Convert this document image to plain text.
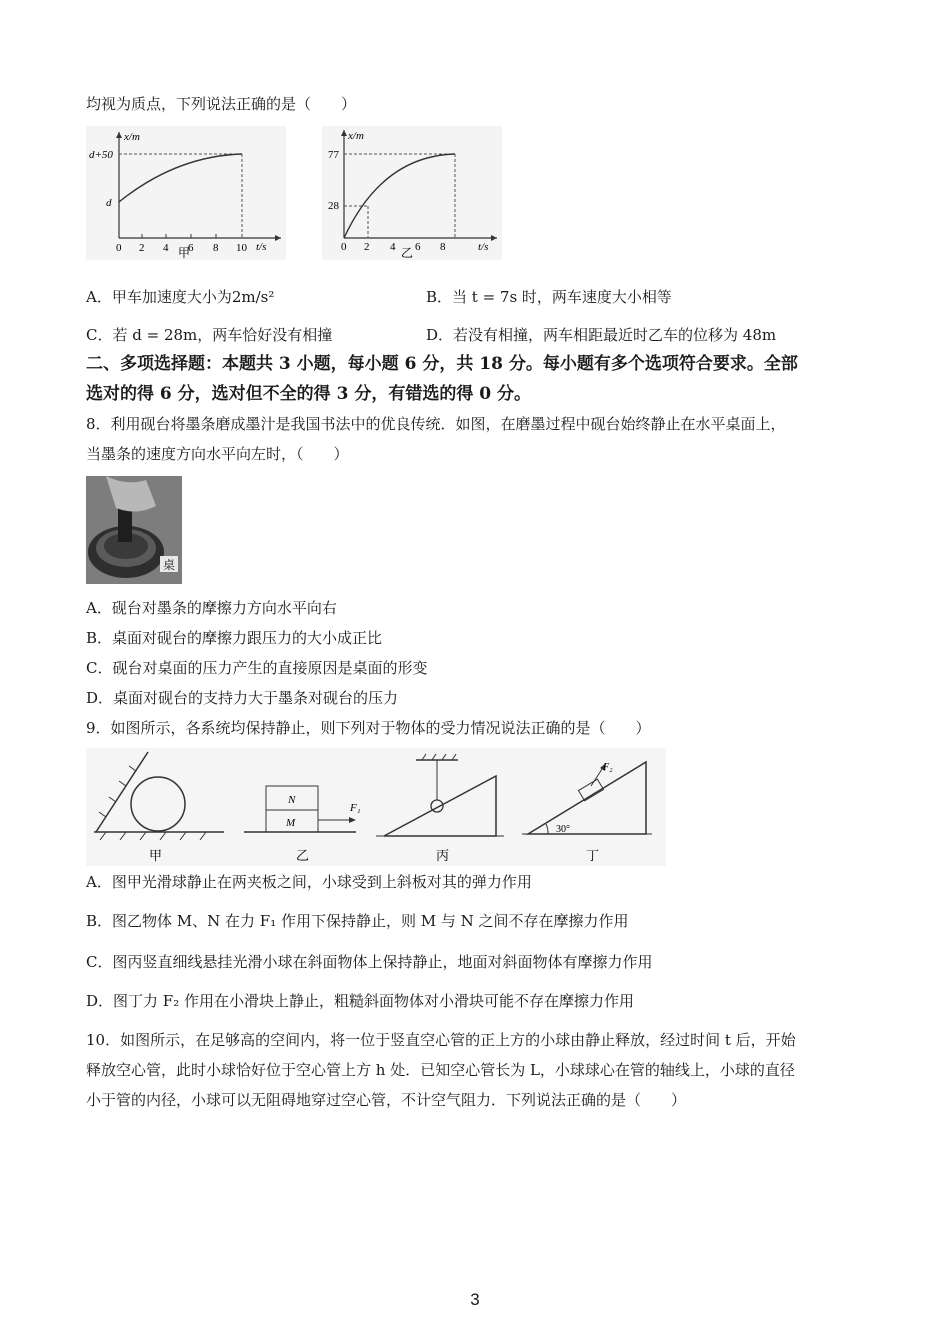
均视为质点，下列说法正确的是（　　）
x/m
d+50
d
0 2 4 6 8 10 t/s
甲
x/m
77
28
0 2 4 6 8	t/s
乙
A．甲车加速度大小为2m/s²	B．当 t = 7s 时，两车速度大小相等
C．若 d = 28m，两车恰好没有相撞	D．若没有相撞，两车相距最近时乙车的位移为 48m
二、多项选择题：本题共 3 小题，每小题 6 分，共 18 分。每小题有多个选项符合要求。全部
选对的得 6 分，选对但不全的得 3 分，有错选的得 0 分。
8．利用砚台将墨条磨成墨汁是我国书法中的优良传统．如图，在磨墨过程中砚台始终静止在水平桌面上，
当墨条的速度方向水平向左时，（　　）
桌
A．砚台对墨条的摩擦力方向水平向右
B．桌面对砚台的摩擦力跟压力的大小成正比
C．砚台对桌面的压力产生的直接原因是桌面的形变
D．桌面对砚台的支持力大于墨条对砚台的压力
9．如图所示，各系统均保持静止，则下列对于物体的受力情况说法正确的是（　　）
甲
N
M
F₁
乙	丙
F₂
30°
丁
A．图甲光滑球静止在两夹板之间，小球受到上斜板对其的弹力作用
B．图乙物体 M、N 在力 F₁ 作用下保持静止，则 M 与 N 之间不存在摩擦力作用
C．图丙竖直细线悬挂光滑小球在斜面物体上保持静止，地面对斜面物体有摩擦力作用
D．图丁力 F₂ 作用在小滑块上静止，粗糙斜面物体对小滑块可能不存在摩擦力作用
10．如图所示，在足够高的空间内，将一位于竖直空心管的正上方的小球由静止释放，经过时间 t 后，开始
释放空心管，此时小球恰好位于空心管上方 h 处．已知空心管长为 L，小球球心在管的轴线上，小球的直径
小于管的内径，小球可以无阻碍地穿过空心管，不计空气阻力．下列说法正确的是（　　）
3
